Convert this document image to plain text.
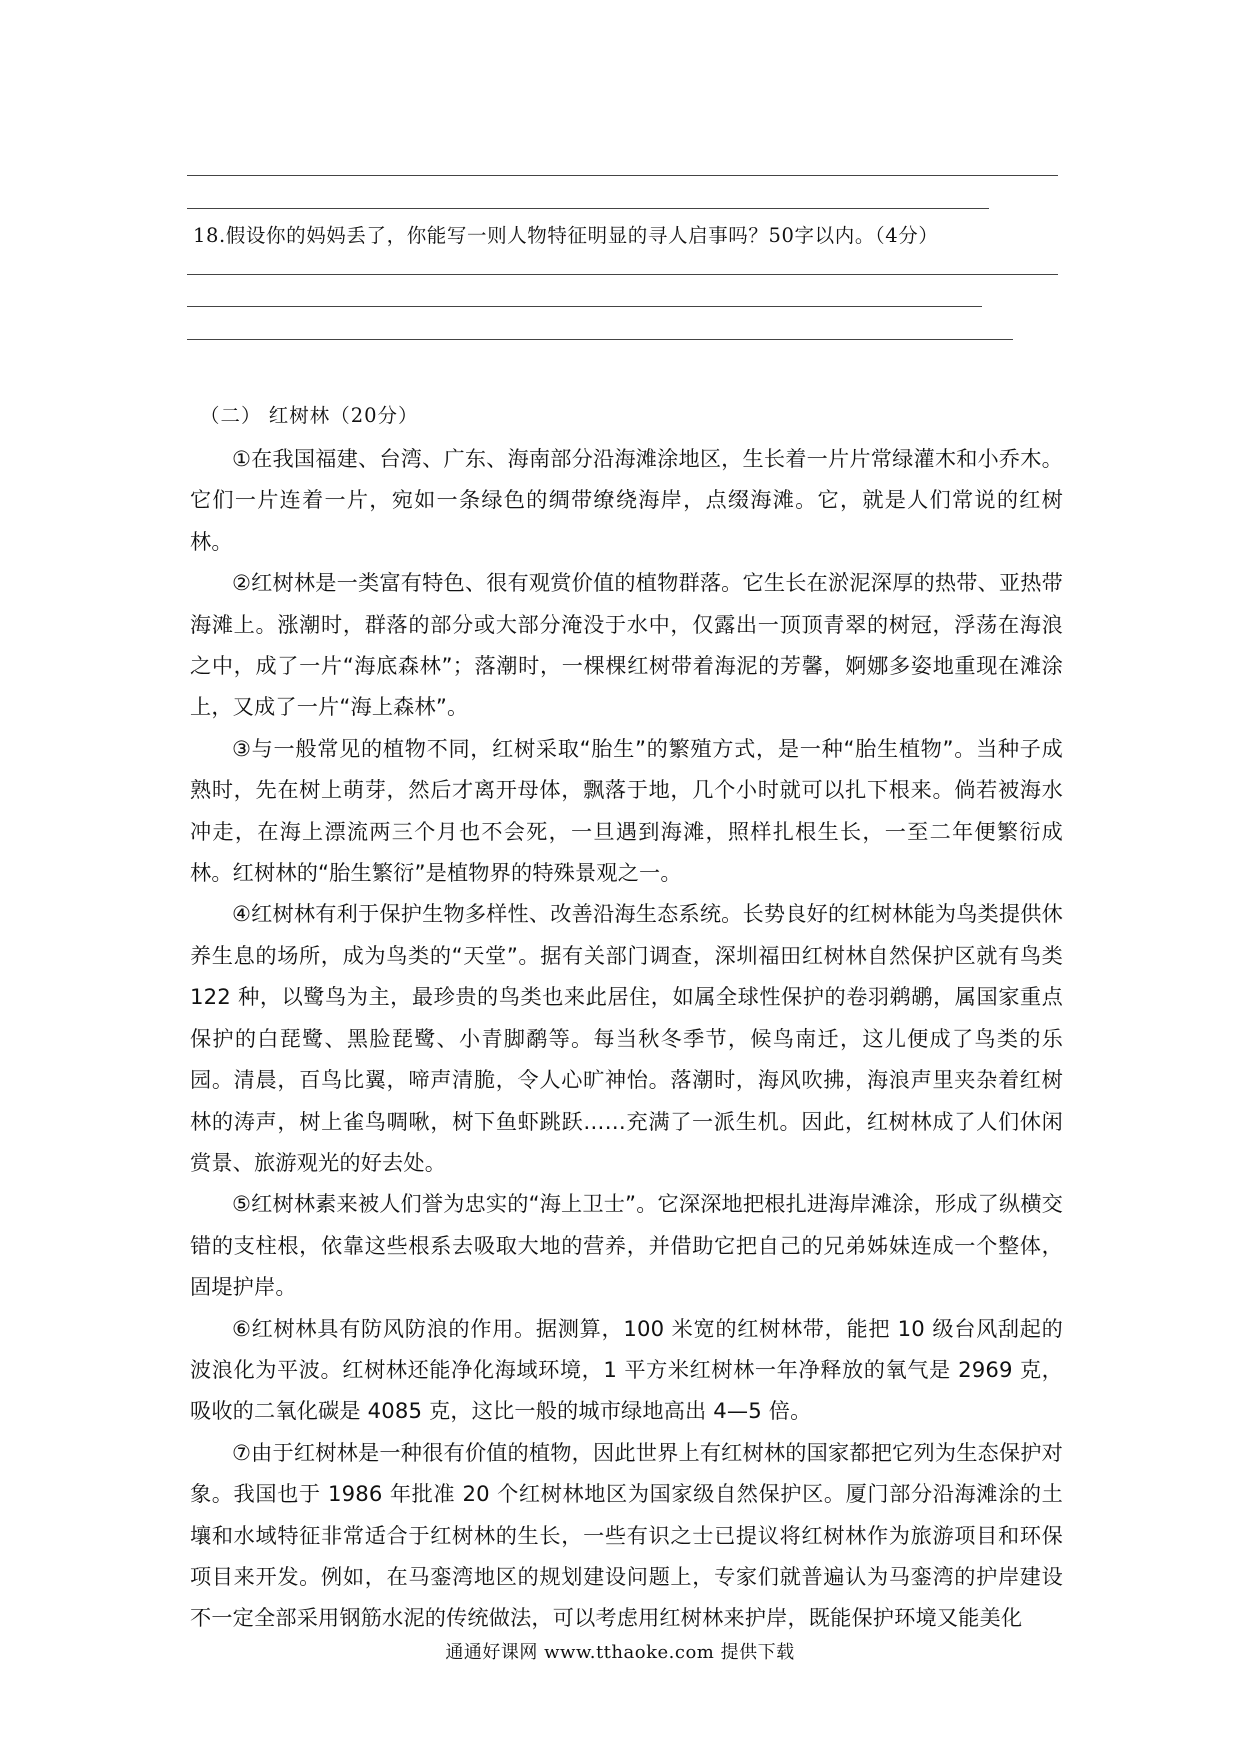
18.假设你的妈妈丢了，你能写一则人物特征明显的寻人启事吗？50字以内。（4分）
（二） 红树林（20分）

①在我国福建、台湾、广东、海南部分沿海滩涂地区，生长着一片片常绿灌木和小乔木。它们一片连着一片，宛如一条绿色的绸带缭绕海岸，点缀海滩。它，就是人们常说的红树林。

②红树林是一类富有特色、很有观赏价值的植物群落。它生长在淤泥深厚的热带、亚热带海滩上。涨潮时，群落的部分或大部分淹没于水中，仅露出一顶顶青翠的树冠，浮荡在海浪之中，成了一片“海底森林”；落潮时，一棵棵红树带着海泥的芳馨，婀娜多姿地重现在滩涂上，又成了一片“海上森林”。

③与一般常见的植物不同，红树采取“胎生”的繁殖方式，是一种“胎生植物”。当种子成熟时，先在树上萌芽，然后才离开母体，飘落于地，几个小时就可以扎下根来。倘若被海水冲走，在海上漂流两三个月也不会死，一旦遇到海滩，照样扎根生长，一至二年便繁衍成林。红树林的“胎生繁衍”是植物界的特殊景观之一。

④红树林有利于保护生物多样性、改善沿海生态系统。长势良好的红树林能为鸟类提供休养生息的场所，成为鸟类的“天堂”。据有关部门调查，深圳福田红树林自然保护区就有鸟类 122 种，以鹭鸟为主，最珍贵的鸟类也来此居住，如属全球性保护的卷羽鹈鹕，属国家重点保护的白琵鹭、黑脸琵鹭、小青脚鹬等。每当秋冬季节，候鸟南迁，这儿便成了鸟类的乐园。清晨，百鸟比翼，啼声清脆，令人心旷神怡。落潮时，海风吹拂，海浪声里夹杂着红树林的涛声，树上雀鸟啁啾，树下鱼虾跳跃……充满了一派生机。因此，红树林成了人们休闲赏景、旅游观光的好去处。

⑤红树林素来被人们誉为忠实的“海上卫士”。它深深地把根扎进海岸滩涂，形成了纵横交错的支柱根，依靠这些根系去吸取大地的营养，并借助它把自己的兄弟姊妹连成一个整体，固堤护岸。

⑥红树林具有防风防浪的作用。据测算，100 米宽的红树林带，能把 10 级台风刮起的波浪化为平波。红树林还能净化海域环境，1 平方米红树林一年净释放的氧气是 2969 克，吸收的二氧化碳是 4085 克，这比一般的城市绿地高出 4—5 倍。

⑦由于红树林是一种很有价值的植物，因此世界上有红树林的国家都把它列为生态保护对象。我国也于 1986 年批准 20 个红树林地区为国家级自然保护区。厦门部分沿海滩涂的土壤和水域特征非常适合于红树林的生长，一些有识之士已提议将红树林作为旅游项目和环保项目来开发。例如，在马銮湾地区的规划建设问题上，专家们就普遍认为马銮湾的护岸建设不一定全部采用钢筋水泥的传统做法，可以考虑用红树林来护岸，既能保护环境又能美化

通通好课网 www.tthaoke.com 提供下载
